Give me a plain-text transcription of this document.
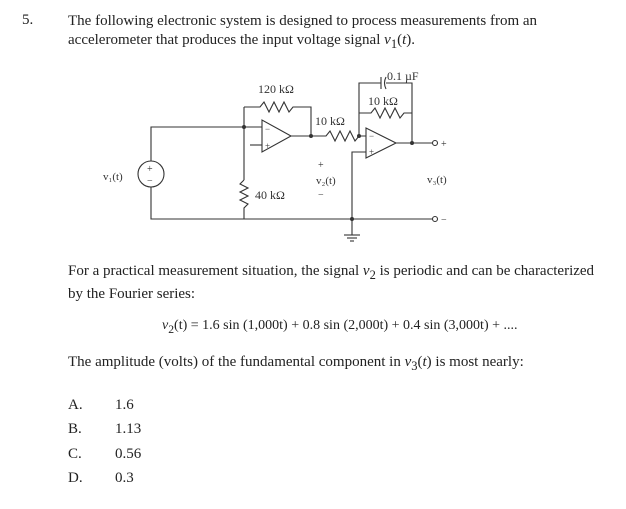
5. The following electronic system is designed to process measurements from an accelerometer that produces the input voltage signal $v_1(t)$.
+
−
v₁(t)
40 kΩ
120 kΩ
−
+
10 kΩ
+
v₂(t)
−
−
+
10 kΩ
0.1 µF
+
v₃(t)
−
For a practical measurement situation, the signal $v_2$ is periodic and can be characterized by the Fourier series:
$v_2(t) = 1.6$ sin (1,000t) + 0.8 sin (2,000t) + 0.4 sin (3,000t) + ....
The amplitude (volts) of the fundamental component in $v_3(t)$ is most nearly:
A. 1.6
B. 1.13
C. 0.56
D. 0.3
